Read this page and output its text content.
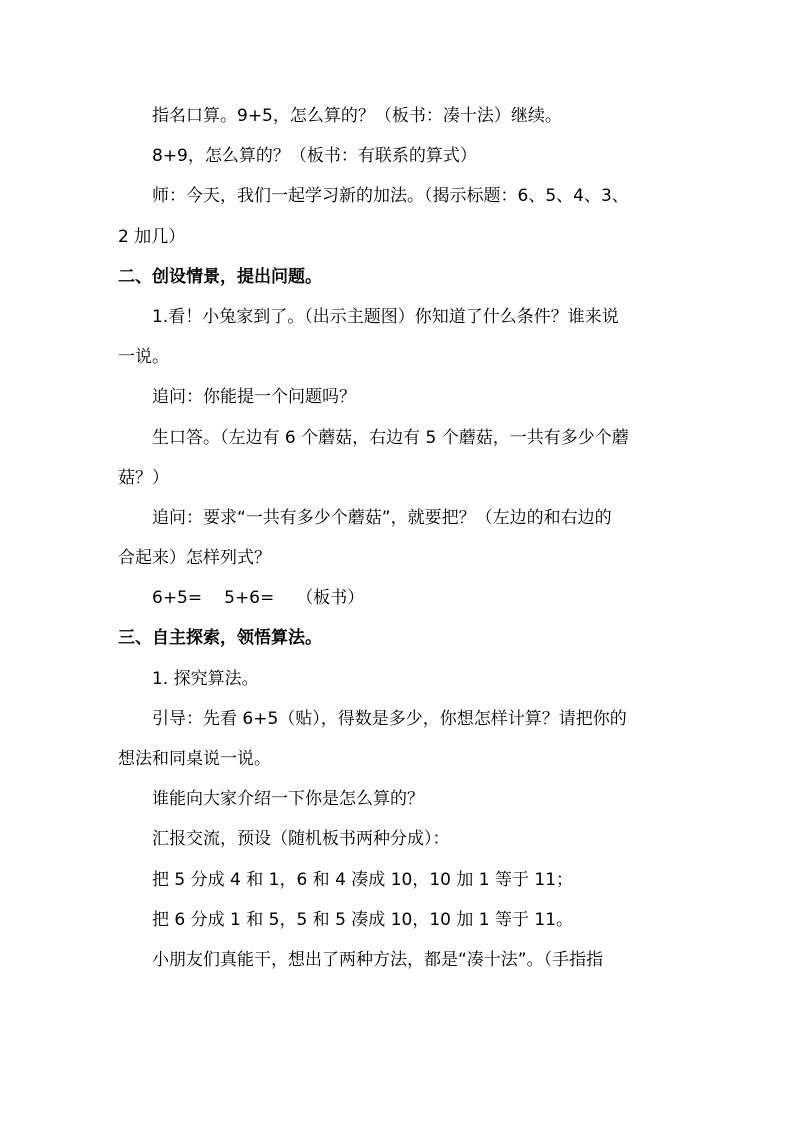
指名口算。9+5，怎么算的？（板书：凑十法）继续。
8+9，怎么算的？（板书：有联系的算式）
师：今天，我们一起学习新的加法。（揭示标题：6、5、4、3、
2 加几）
二、创设情景，提出问题。
1.看！小兔家到了。（出示主题图）你知道了什么条件？谁来说
一说。
追问：你能提一个问题吗？
生口答。（左边有 6 个蘑菇，右边有 5 个蘑菇，一共有多少个蘑
菇？）
追问：要求“一共有多少个蘑菇”，就要把？（左边的和右边的
合起来）怎样列式？
6+5= 5+6= （板书）
三、自主探索，领悟算法。
1. 探究算法。
引导：先看 6+5（贴），得数是多少，你想怎样计算？请把你的
想法和同桌说一说。
谁能向大家介绍一下你是怎么算的？
汇报交流，预设（随机板书两种分成）：
把 5 分成 4 和 1，6 和 4 凑成 10，10 加 1 等于 11；
把 6 分成 1 和 5，5 和 5 凑成 10，10 加 1 等于 11。
小朋友们真能干，想出了两种方法，都是“凑十法”。（手指指
